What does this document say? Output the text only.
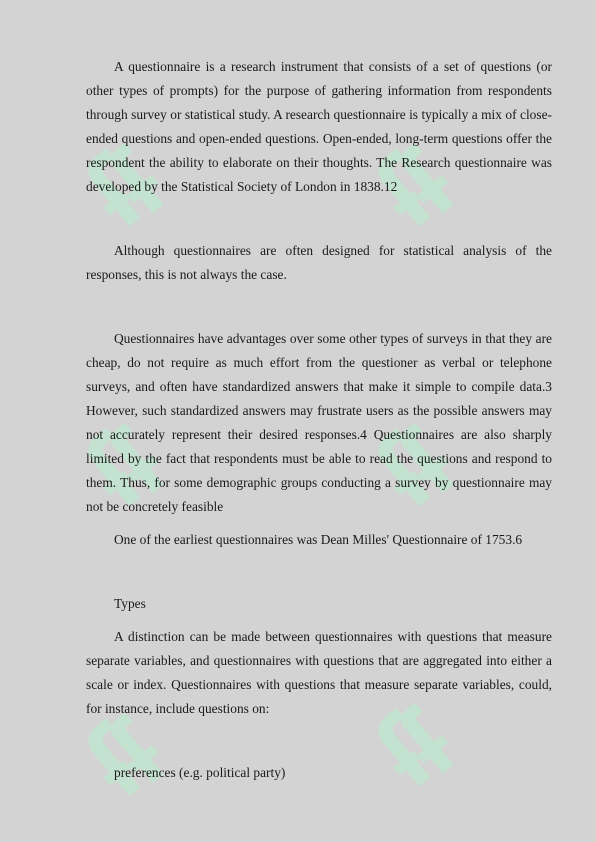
A questionnaire is a research instrument that consists of a set of questions (or other types of prompts) for the purpose of gathering information from respondents through survey or statistical study. A research questionnaire is typically a mix of close-ended questions and open-ended questions. Open-ended, long-term questions offer the respondent the ability to elaborate on their thoughts. The Research questionnaire was developed by the Statistical Society of London in 1838.12

Although questionnaires are often designed for statistical analysis of the responses, this is not always the case.

Questionnaires have advantages over some other types of surveys in that they are cheap, do not require as much effort from the questioner as verbal or telephone surveys, and often have standardized answers that make it simple to compile data.3 However, such standardized answers may frustrate users as the possible answers may not accurately represent their desired responses.4 Questionnaires are also sharply limited by the fact that respondents must be able to read the questions and respond to them. Thus, for some demographic groups conducting a survey by questionnaire may not be concretely feasible

One of the earliest questionnaires was Dean Milles' Questionnaire of 1753.6

Types

A distinction can be made between questionnaires with questions that measure separate variables, and questionnaires with questions that are aggregated into either a scale or index. Questionnaires with questions that measure separate variables, could, for instance, include questions on:

preferences (e.g. political party)
